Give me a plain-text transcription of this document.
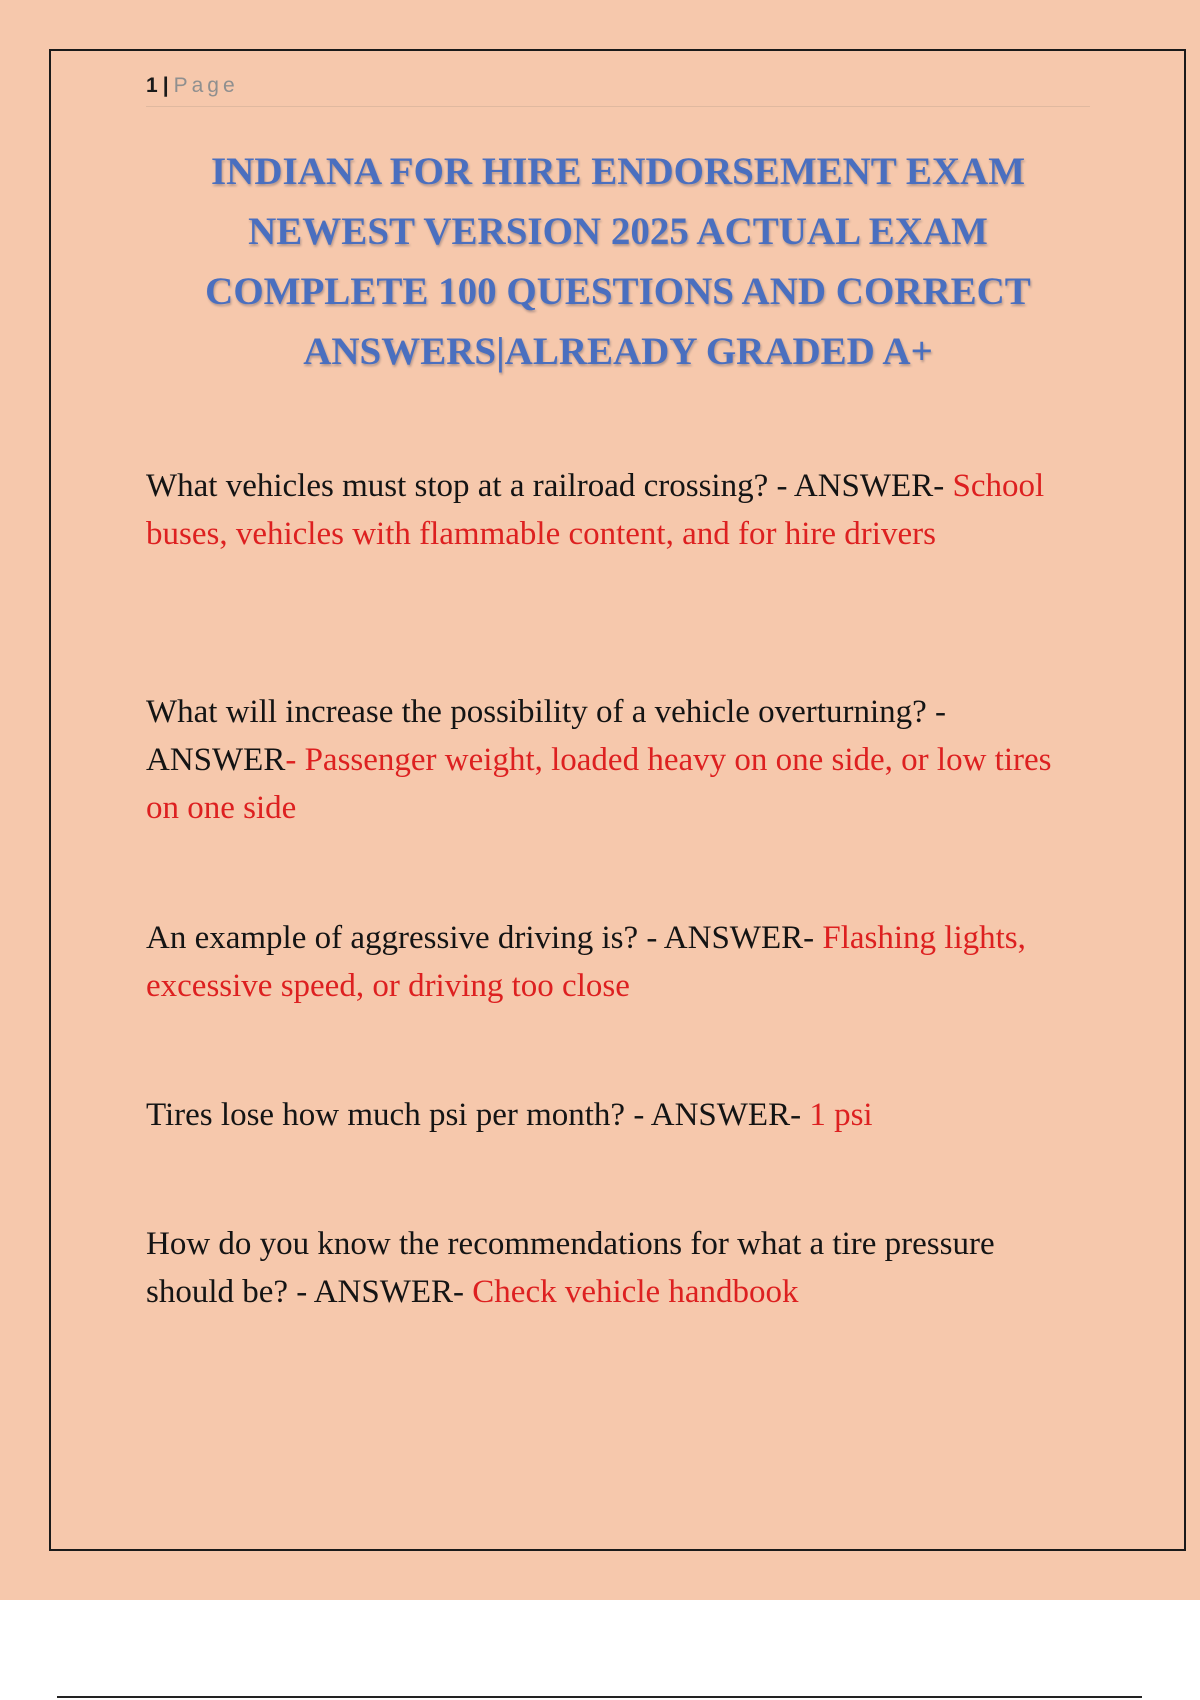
1 | Page
INDIANA FOR HIRE ENDORSEMENT EXAM NEWEST VERSION 2025 ACTUAL EXAM COMPLETE 100 QUESTIONS AND CORRECT ANSWERS|ALREADY GRADED A+

What vehicles must stop at a railroad crossing? - ANSWER- School buses, vehicles with flammable content, and for hire drivers

What will increase the possibility of a vehicle overturning? - ANSWER- Passenger weight, loaded heavy on one side, or low tires on one side

An example of aggressive driving is? - ANSWER- Flashing lights, excessive speed, or driving too close

Tires lose how much psi per month? - ANSWER- 1 psi

How do you know the recommendations for what a tire pressure should be? - ANSWER- Check vehicle handbook
